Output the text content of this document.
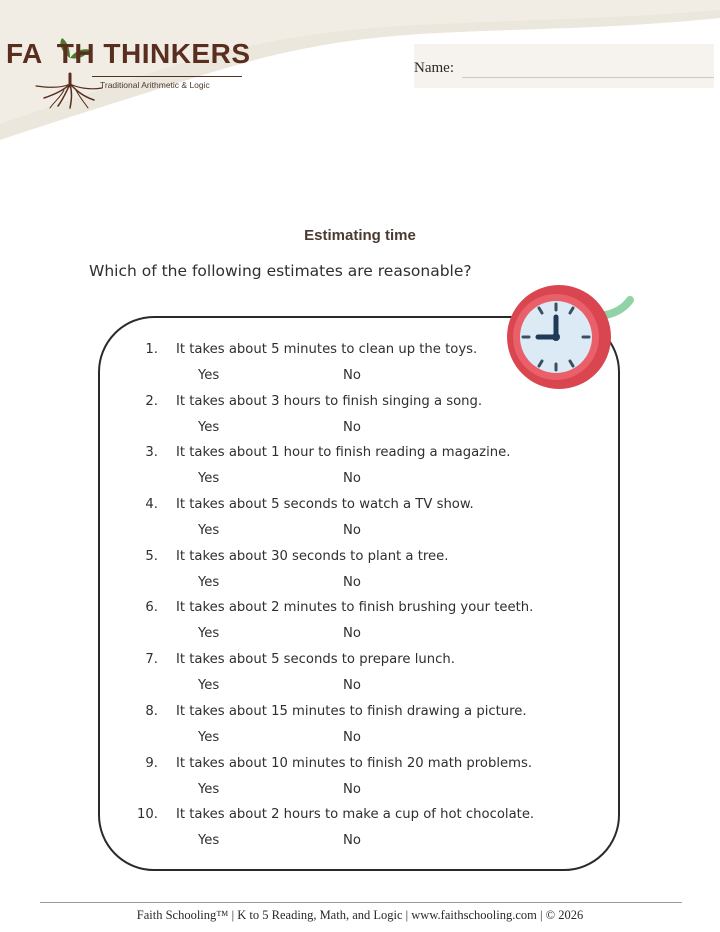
FA TH THINKERS
Traditional Arithmetic & Logic
Name:
Estimating time
Which of the following estimates are reasonable?
1. It takes about 5 minutes to clean up the toys.
Yes	No
2. It takes about 3 hours to finish singing a song.
Yes	No
3. It takes about 1 hour to finish reading a magazine.
Yes	No
4. It takes about 5 seconds to watch a TV show.
Yes	No
5. It takes about 30 seconds to plant a tree.
Yes	No
6. It takes about 2 minutes to finish brushing your teeth.
Yes	No
7. It takes about 5 seconds to prepare lunch.
Yes	No
8. It takes about 15 minutes to finish drawing a picture.
Yes	No
9. It takes about 10 minutes to finish 20 math problems.
Yes	No
10. It takes about 2 hours to make a cup of hot chocolate.
Yes	No
Faith Schooling™ | K to 5 Reading, Math, and Logic | www.faithschooling.com | © 2026
